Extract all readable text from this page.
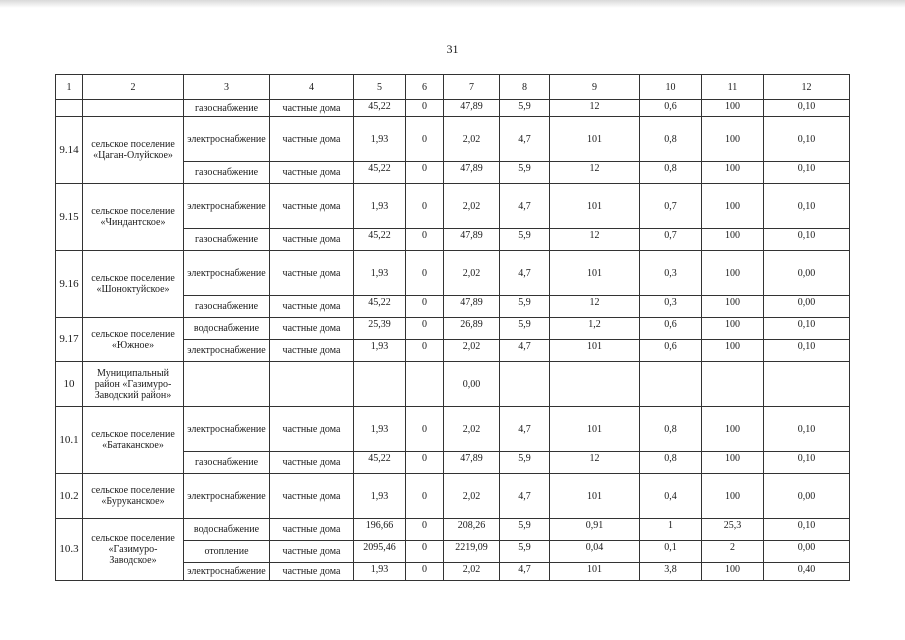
31
1	2	3	4	5	6	7	8	9	10	11	12
		газоснабжение	частные дома	45,22	0	47,89	5,9	12	0,6	100	0,10
9.14	сельское поселение «Цаган-Олуйское»	электроснабжение	частные дома	1,93	0	2,02	4,7	101	0,8	100	0,10
		газоснабжение	частные дома	45,22	0	47,89	5,9	12	0,8	100	0,10
9.15	сельское поселение «Чиндантское»	электроснабжение	частные дома	1,93	0	2,02	4,7	101	0,7	100	0,10
		газоснабжение	частные дома	45,22	0	47,89	5,9	12	0,7	100	0,10
9.16	сельское поселение «Шоноктуйское»	электроснабжение	частные дома	1,93	0	2,02	4,7	101	0,3	100	0,00
		газоснабжение	частные дома	45,22	0	47,89	5,9	12	0,3	100	0,00
9.17	сельское поселение «Южное»	водоснабжение	частные дома	25,39	0	26,89	5,9	1,2	0,6	100	0,10
		электроснабжение	частные дома	1,93	0	2,02	4,7	101	0,6	100	0,10
10	Муниципальный район «Газимуро-Заводский район»					0,00					
10.1	сельское поселение «Батаканское»	электроснабжение	частные дома	1,93	0	2,02	4,7	101	0,8	100	0,10
		газоснабжение	частные дома	45,22	0	47,89	5,9	12	0,8	100	0,10
10.2	сельское поселение «Буруканское»	электроснабжение	частные дома	1,93	0	2,02	4,7	101	0,4	100	0,00
10.3	сельское поселение «Газимуро-Заводское»	водоснабжение	частные дома	196,66	0	208,26	5,9	0,91	1	25,3	0,10
		отопление	частные дома	2095,46	0	2219,09	5,9	0,04	0,1	2	0,00
		электроснабжение	частные дома	1,93	0	2,02	4,7	101	3,8	100	0,40
